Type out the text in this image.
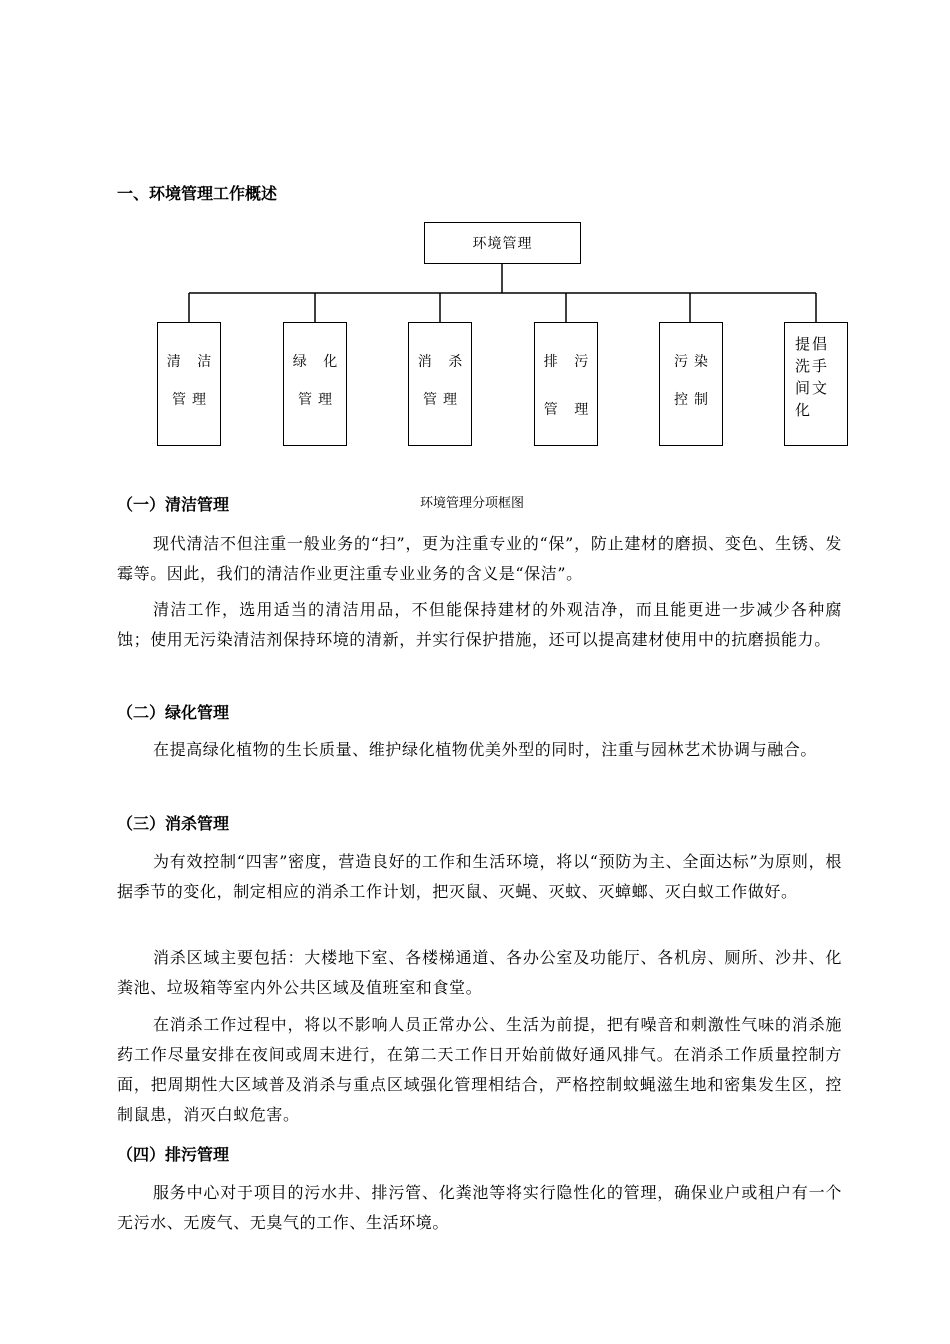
一、环境管理工作概述
环境管理
清 洁
管理
绿 化
管理
消 杀
管理
排 污
管 理
污染
控制
提倡
洗手
间文
化
环境管理分项框图
（一）清洁管理

现代清洁不但注重一般业务的“扫”，更为注重专业的“保”，防止建材的磨损、变色、生锈、发霉等。因此，我们的清洁作业更注重专业业务的含义是“保洁”。

清洁工作，选用适当的清洁用品，不但能保持建材的外观洁净，而且能更进一步减少各种腐蚀；使用无污染清洁剂保持环境的清新，并实行保护措施，还可以提高建材使用中的抗磨损能力。

（二）绿化管理

在提高绿化植物的生长质量、维护绿化植物优美外型的同时，注重与园林艺术协调与融合。

（三）消杀管理

为有效控制“四害”密度，营造良好的工作和生活环境，将以“预防为主、全面达标”为原则，根据季节的变化，制定相应的消杀工作计划，把灭鼠、灭蝇、灭蚊、灭蟑螂、灭白蚁工作做好。

消杀区域主要包括：大楼地下室、各楼梯通道、各办公室及功能厅、各机房、厕所、沙井、化粪池、垃圾箱等室内外公共区域及值班室和食堂。

在消杀工作过程中，将以不影响人员正常办公、生活为前提，把有噪音和刺激性气味的消杀施药工作尽量安排在夜间或周末进行，在第二天工作日开始前做好通风排气。在消杀工作质量控制方面，把周期性大区域普及消杀与重点区域强化管理相结合，严格控制蚊蝇滋生地和密集发生区，控制鼠患，消灭白蚁危害。

（四）排污管理

服务中心对于项目的污水井、排污管、化粪池等将实行隐性化的管理，确保业户或租户有一个无污水、无废气、无臭气的工作、生活环境。
